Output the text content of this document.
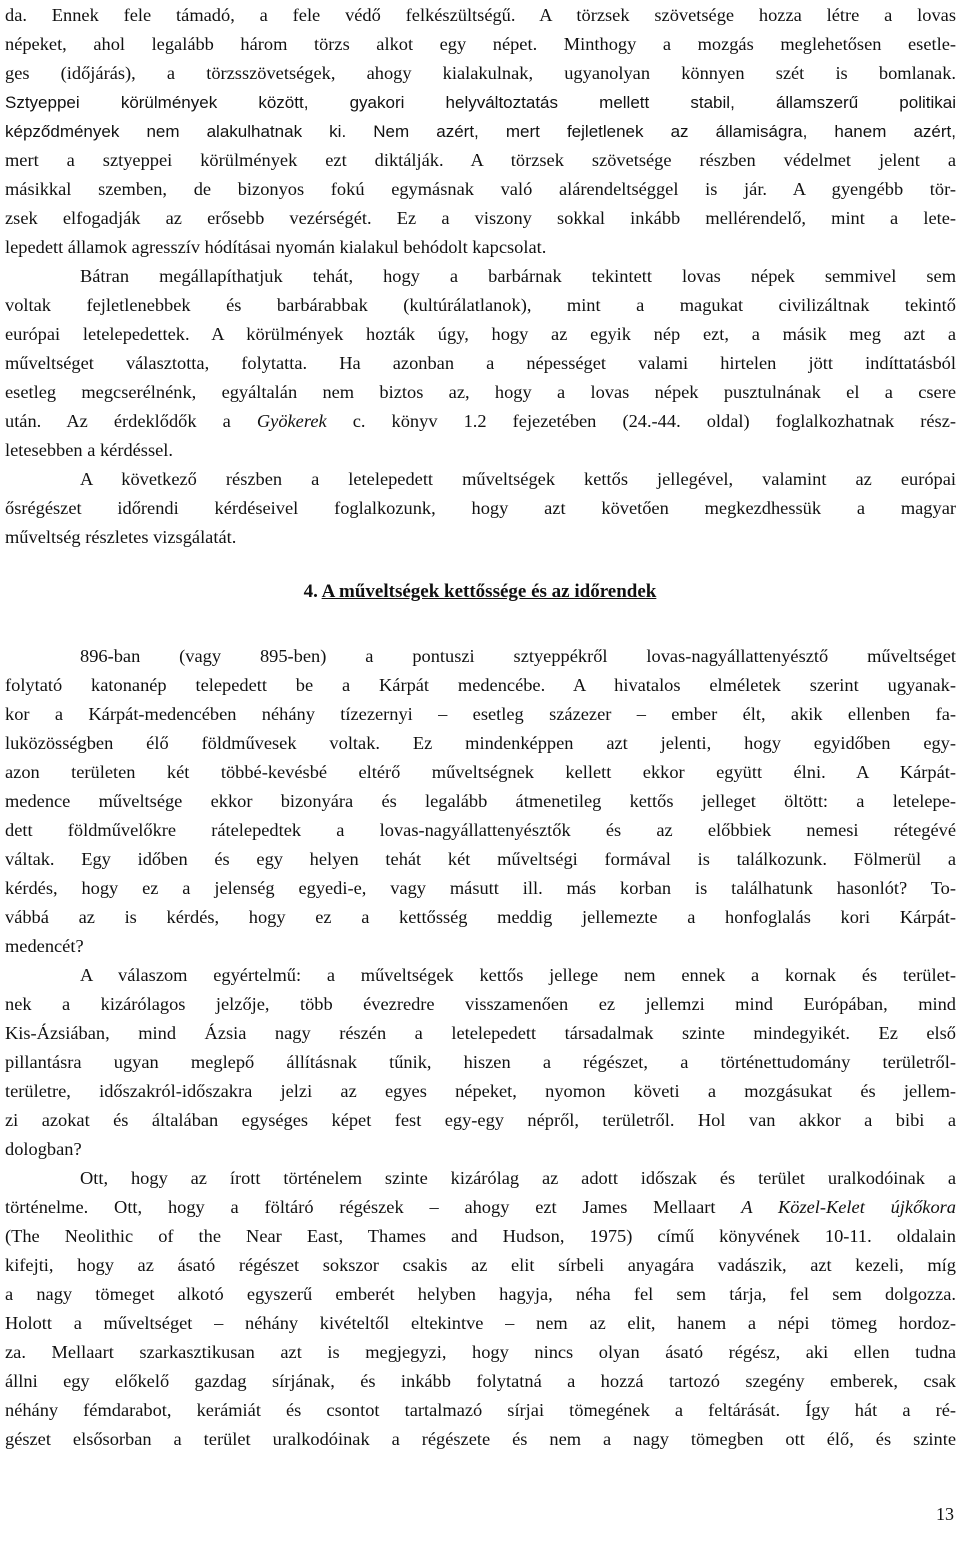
da. Ennek fele támadó, a fele védő felkészültségű. A törzsek szövetsége hozza létre a lovas
népeket, ahol legalább három törzs alkot egy népet. Minthogy a mozgás meglehetősen esetle-
ges (időjárás), a törzsszövetségek, ahogy kialakulnak, ugyanolyan könnyen szét is bomlanak.
Sztyeppei körülmények között, gyakori helyváltoztatás mellett stabil, államszerű politikai
képződmények nem alakulhatnak ki. Nem azért, mert fejletlenek az államiságra, hanem azért,
mert a sztyeppei körülmények ezt diktálják. A törzsek szövetsége részben védelmet jelent a
másikkal szemben, de bizonyos fokú egymásnak való alárendeltséggel is jár. A gyengébb tör-
zsek elfogadják az erősebb vezérségét. Ez a viszony sokkal inkább mellérendelő, mint a lete-
lepedett államok agresszív hódításai nyomán kialakul behódolt kapcsolat.
Bátran megállapíthatjuk tehát, hogy a barbárnak tekintett lovas népek semmivel sem
voltak fejletlenebbek és barbárabbak (kultúrálatlanok), mint a magukat civilizáltnak tekintő
európai letelepedettek. A körülmények hozták úgy, hogy az egyik nép ezt, a másik meg azt a
műveltséget választotta, folytatta. Ha azonban a népességet valami hirtelen jött indíttatásból
esetleg megcserélnénk, egyáltalán nem biztos az, hogy a lovas népek pusztulnának el a csere
után. Az érdeklődők a Gyökerek c. könyv 1.2 fejezetében (24.-44. oldal) foglalkozhatnak rész-
letesebben a kérdéssel.
A következő részben a letelepedett műveltségek kettős jellegével, valamint az európai
ősrégészet időrendi kérdéseivel foglalkozunk, hogy azt követően megkezdhessük a magyar
műveltség részletes vizsgálatát.
4. A műveltségek kettőssége és az időrendek
896-ban (vagy 895-ben) a pontuszi sztyeppékről lovas-nagyállattenyésztő műveltséget
folytató katonanép telepedett be a Kárpát medencébe. A hivatalos elméletek szerint ugyanak-
kor a Kárpát-medencében néhány tízezernyi – esetleg százezer – ember élt, akik ellenben fa-
luközösségben élő földművesek voltak. Ez mindenképpen azt jelenti, hogy egyidőben egy-
azon területen két többé-kevésbé eltérő műveltségnek kellett ekkor együtt élni. A Kárpát-
medence műveltsége ekkor bizonyára és legalább átmenetileg kettős jelleget öltött: a letelepe-
dett földművelőkre rátelepedtek a lovas-nagyállattenyésztők és az előbbiek nemesi rétegévé
váltak. Egy időben és egy helyen tehát két műveltségi formával is találkozunk. Fölmerül a
kérdés, hogy ez a jelenség egyedi-e, vagy másutt ill. más korban is találhatunk hasonlót? To-
vábbá az is kérdés, hogy ez a kettősség meddig jellemezte a honfoglalás kori Kárpát-
medencét?
A válaszom egyértelmű: a műveltségek kettős jellege nem ennek a kornak és terület-
nek a kizárólagos jelzője, több évezredre visszamenően ez jellemzi mind Európában, mind
Kis-Ázsiában, mind Ázsia nagy részén a letelepedett társadalmak szinte mindegyikét. Ez első
pillantásra ugyan meglepő állításnak tűnik, hiszen a régészet, a történettudomány területről-
területre, időszakról-időszakra jelzi az egyes népeket, nyomon követi a mozgásukat és jellem-
zi azokat és általában egységes képet fest egy-egy népről, területről. Hol van akkor a bibi a
dologban?
Ott, hogy az írott történelem szinte kizárólag az adott időszak és terület uralkodóinak a
történelme. Ott, hogy a föltáró régészek – ahogy ezt James Mellaart A Közel-Kelet újkőkora
(The Neolithic of the Near East, Thames and Hudson, 1975) című könyvének 10-11. oldalain
kifejti, hogy az ásató régészet sokszor csakis az elit sírbeli anyagára vadászik, azt kezeli, míg
a nagy tömeget alkotó egyszerű emberét helyben hagyja, néha fel sem tárja, fel sem dolgozza.
Holott a műveltséget – néhány kivételtől eltekintve – nem az elit, hanem a népi tömeg hordoz-
za. Mellaart szarkasztikusan azt is megjegyzi, hogy nincs olyan ásató régész, aki ellen tudna
állni egy előkelő gazdag sírjának, és inkább folytatná a hozzá tartozó szegény emberek, csak
néhány fémdarabot, kerámiát és csontot tartalmazó sírjai tömegének a feltárását. Így hát a ré-
gészet elsősorban a terület uralkodóinak a régészete és nem a nagy tömegben ott élő, és szinte
13
